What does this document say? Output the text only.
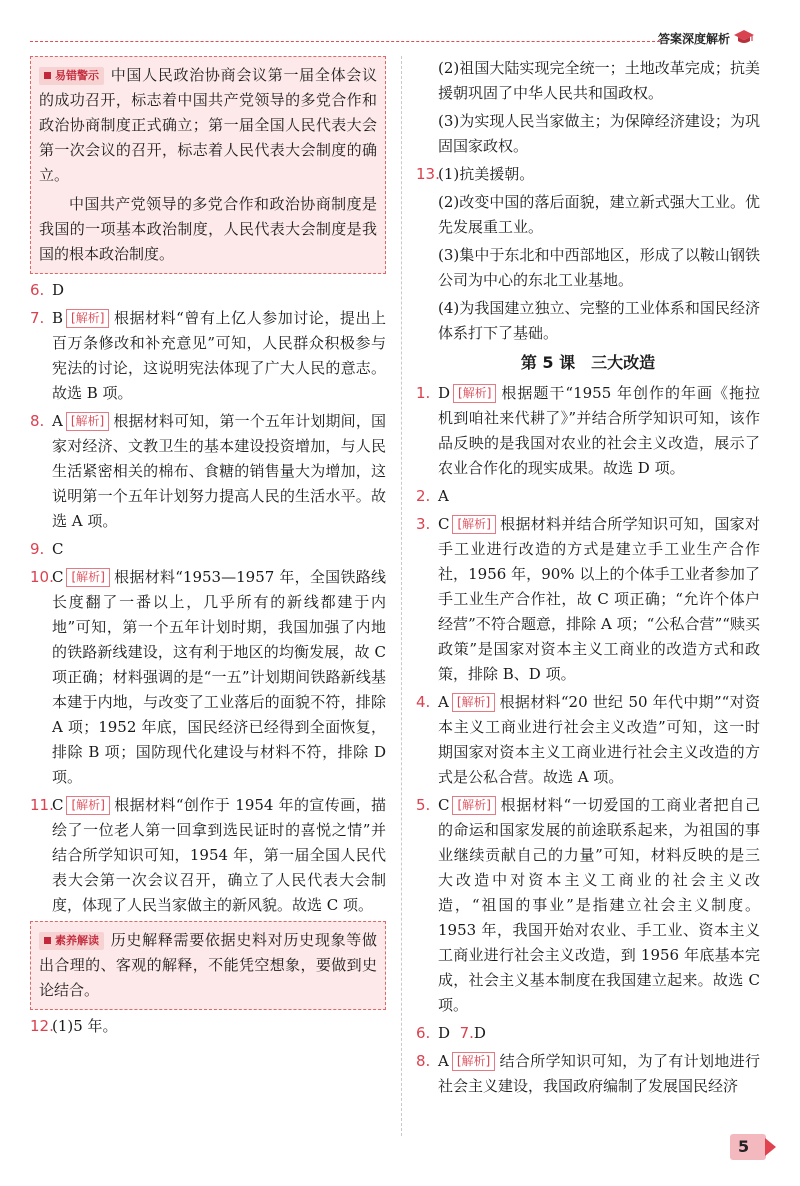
答案深度解析

易错警示 中国人民政治协商会议第一届全体会议的成功召开，标志着中国共产党领导的多党合作和政治协商制度正式确立；第一届全国人民代表大会第一次会议的召开，标志着人民代表大会制度的确立。

中国共产党领导的多党合作和政治协商制度是我国的一项基本政治制度，人民代表大会制度是我国的根本政治制度。

6. D
7. B [ 解析 ] 根据材料“曾有上亿人参加讨论，提出上百万条修改和补充意见”可知，人民群众积极参与宪法的讨论，这说明宪法体现了广大人民的意志。故选 B 项。
8. A [ 解析 ] 根据材料可知，第一个五年计划期间，国家对经济、文教卫生的基本建设投资增加，与人民生活紧密相关的棉布、食糖的销售量大为增加，这说明第一个五年计划努力提高人民的生活水平。故选 A 项。
9. C
10.
C [ 解析 ] 根据材料“1953—1957 年，全国铁路线长度翻了一番以上，几乎所有的新线都建于内地”可知，第一个五年计划时期，我国加强了内地的铁路新线建设，这有利于地区的均衡发展，故 C 项正确；材料强调的是“一五”计划期间铁路新线基本建于内地，与改变了工业落后的面貌不符，排除 A 项；1952 年底，国民经济已经得到全面恢复，排除 B 项；国防现代化建设与材料不符，排除 D 项。
11.
C [ 解析 ] 根据材料“创作于 1954 年的宣传画，描绘了一位老人第一回拿到选民证时的喜悦之情”并结合所学知识可知，1954 年，第一届全国人民代表大会第一次会议召开，确立了人民代表大会制度，体现了人民当家做主的新风貌。故选 C 项。

素养解读 历史解释需要依据史料对历史现象等做出合理的、客观的解释，不能凭空想象，要做到史论结合。

12.
(1)5 年。
(2)祖国大陆实现完全统一；土地改革完成；抗美援朝巩固了中华人民共和国政权。
(3)为实现人民当家做主；为保障经济建设；为巩固国家政权。
13.
(1)抗美援朝。
(2)改变中国的落后面貌，建立新式强大工业。优先发展重工业。
(3)集中于东北和中西部地区，形成了以鞍山钢铁公司为中心的东北工业基地。
(4)为我国建立独立、完整的工业体系和国民经济体系打下了基础。
第 5 课　三大改造
1. D [ 解析 ] 根据题干“1955 年创作的年画《拖拉机到咱社来代耕了》”并结合所学知识可知，该作品反映的是我国对农业的社会主义改造，展示了农业合作化的现实成果。故选 D 项。
2. A
3. C [ 解析 ] 根据材料并结合所学知识可知，国家对手工业进行改造的方式是建立手工业生产合作社，1956 年，90% 以上的个体手工业者参加了手工业生产合作社，故 C 项正确；“允许个体户经营”不符合题意，排除 A 项；“公私合营”“赎买政策”是国家对资本主义工商业的改造方式和政策，排除 B、D 项。
4. A [ 解析 ] 根据材料“20 世纪 50 年代中期”“对资本主义工商业进行社会主义改造”可知，这一时期国家对资本主义工商业进行社会主义改造的方式是公私合营。故选 A 项。
5. C [ 解析 ] 根据材料“一切爱国的工商业者把自己的命运和国家发展的前途联系起来，为祖国的事业继续贡献自己的力量”可知，材料反映的是三大改造中对资本主义工商业的社会主义改造，“祖国的事业”是指建立社会主义制度。1953 年，我国开始对农业、手工业、资本主义工商业进行社会主义改造，到 1956 年底基本完成，社会主义基本制度在我国建立起来。故选 C 项。
6. D 7.D
8. A [ 解析 ] 结合所学知识可知，为了有计划地进行社会主义建设，我国政府编制了发展国民经济
5
